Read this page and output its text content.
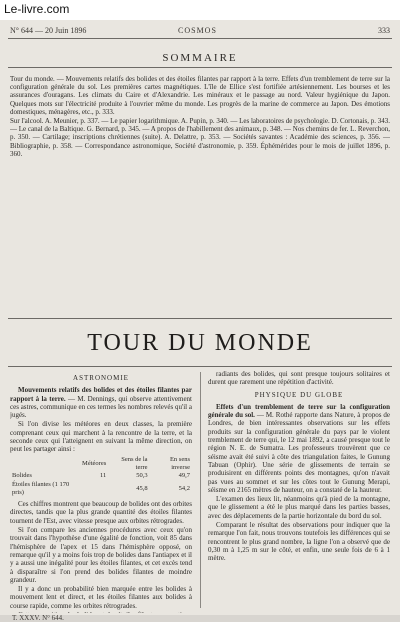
Le-livre.com
N° 644 — 20 Juin 1896	COSMOS	333
SOMMAIRE

Tour du monde. — Mouvements relatifs des bolides et des étoiles filantes par rapport à la terre. Effets d'un tremblement de terre sur la configuration générale du sol. Les premières cartes magnétiques. L'île de Ellice s'est fortifiée artésiennement. Les bourses et les assurances d'ouragans. Les climats du Caire et d'Alexandrie. Les minéraux et le passage au nord. Valeur hygiénique du Japon. Quelques mots sur l'électricité produite à l'ouvrier même du monde. Les progrès de la marine de commerce au Japon. Des émotions domestiques, ménagères, etc., p. 333.

Sur l'alcool. A. Meunier, p. 337. — Le papier logarithmique. A. Pupin, p. 340. — Les laboratoires de psychologie. D. Cortonais, p. 343. — Le canal de la Baltique. G. Bernard, p. 345. — A propos de l'habillement des animaux, p. 348. — Nos chemins de fer. L. Reverchon, p. 350. — Cartilage; inscriptions chrétiennes (suite). A. Delattre, p. 353. — Sociétés savantes : Académie des sciences, p. 356. — Bibliographie, p. 358. — Correspondance astronomique, Société d'astronomie, p. 359. Éphémérides pour le mois de juillet 1896, p. 360.

TOUR DU MONDE
ASTRONOMIE

Mouvements relatifs des bolides et des étoiles filantes par rapport à la terre. — M. Dennings, qui observe attentivement ces astres, communique en ces termes les nombres relevés qu'il a jugés.

Si l'on divise les météores en deux classes, la première comprenant ceux qui marchent à la rencontre de la terre, et la seconde ceux qui l'atteignent en suivant la même direction, on peut les partager ainsi :

	Météores	Sens de la terre	En sens inverse
Bolides	11	50,3	49,7
Étoiles filantes (1 170 pris)		45,8	54,2

Ces chiffres montrent que beaucoup de bolides ont des orbites directes, tandis que la plus grande quantité des étoiles filantes tournent de l'Est, avec vitesse presque aux orbites rétrogrades.

Si l'on compare les anciennes procédures avec ceux qu'on trouvait dans l'hypothèse d'une égalité de fonction, voit 85 dans l'hémisphère de l'apex et 15 dans l'hémisphère opposé, on remarque qu'il y a moins fois trop de bolides dans l'antiapex et il y a aussi une inégalité pour les étoiles filantes, et cet excès tend à disparaître si l'on prend des bolides filantes de moindre grandeur.

Il y a donc un probabilité bien marquée entre les bolides à mouvement lent et direct, et les étoiles filantes aux bolides à course rapide, comme les orbites rétrogrades.

radiants des bolides, qui sont presque toujours solitaires et durent que rarement une répétition d'activité.

PHYSIQUE DU GLOBE

Effets d'un tremblement de terre sur la configuration générale du sol. — M. Rothé rapporte dans Nature, à propos de Londres, de bien intéressantes observations sur les effets produits sur la configuration générale du pays par le violent tremblement de terre qui, le 12 mai 1892, a causé presque tout le région N. E. de Sumatra. Les professeurs trouvèrent que ce séisme avait été suivi à côte des triangulation faites, le Gunung Tabuan (Ophir). Une série de glissements de terrain se produisirent en différents points des montagnes, qu'on n'avait pas vues au sommet et sur les côtes tout le Gunung Merapi, séisme en 2165 mètres de hauteur, on a constaté de la hauteur.

L'examen des lieux lit, néanmoins qu'à pied de la montagne, que le glissement a été le plus marqué dans les parties basses, avec des déplacements de la partie horizontale du bord du sol.

Comparant le résultat des observations pour indiquer que la remarque l'on fait, nous trouvons toutefois les différences qui se rencontrent le plus grand nombre, la ligne l'on a observé que de 0,30 m à 1,25 m sur le côté, et enfin, une seule fois de 6 à 1 mètre.

T. XXXV. N° 644.
